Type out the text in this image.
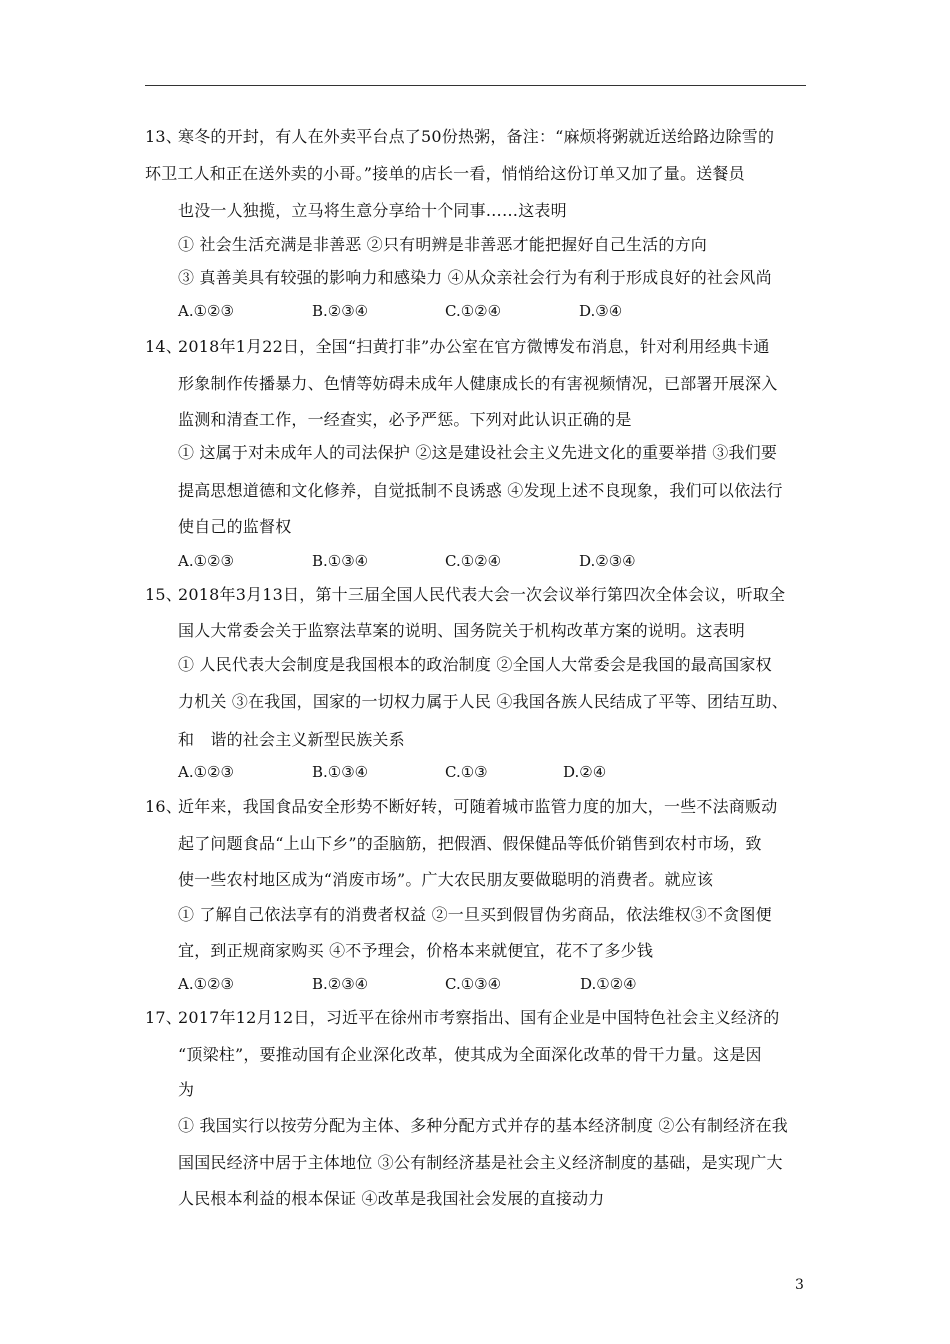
13、
寒冬的开封，有人在外卖平台点了50份热粥，备注：“麻烦将粥就近送给路边除雪的
环卫工人和正在送外卖的小哥。”接单的店长一看，悄悄给这份订单又加了量。送餐员
也没一人独揽，立马将生意分享给十个同事……这表明
① 社会生活充满是非善恶 ②只有明辨是非善恶才能把握好自己生活的方向
③ 真善美具有较强的影响力和感染力 ④从众亲社会行为有利于形成良好的社会风尚
A.①②③	B.②③④	C.①②④	D.③④
14、
2018年1月22日，全国“扫黄打非”办公室在官方微博发布消息，针对利用经典卡通
形象制作传播暴力、色情等妨碍未成年人健康成长的有害视频情况，已部署开展深入
监测和清查工作，一经查实，必予严惩。下列对此认识正确的是
① 这属于对未成年人的司法保护 ②这是建设社会主义先进文化的重要举措 ③我们要
提高思想道德和文化修养，自觉抵制不良诱惑 ④发现上述不良现象，我们可以依法行
使自己的监督权
A.①②③	B.①③④	C.①②④	D.②③④
15、
2018年3月13日，第十三届全国人民代表大会一次会议举行第四次全体会议，听取全
国人大常委会关于监察法草案的说明、国务院关于机构改革方案的说明。这表明
① 人民代表大会制度是我国根本的政治制度 ②全国人大常委会是我国的最高国家权
力机关 ③在我国，国家的一切权力属于人民 ④我国各族人民结成了平等、团结互助、
和　谐的社会主义新型民族关系
A.①②③	B.①③④	C.①③	D.②④
16、
近年来，我国食品安全形势不断好转，可随着城市监管力度的加大，一些不法商贩动
起了问题食品“上山下乡”的歪脑筋，把假酒、假保健品等低价销售到农村市场，致
使一些农村地区成为“消废市场”。广大农民朋友要做聪明的消费者。就应该
① 了解自己依法享有的消费者权益 ②一旦买到假冒伪劣商品，依法维权③不贪图便
宜，到正规商家购买 ④不予理会，价格本来就便宜，花不了多少钱
A.①②③	B.②③④	C.①③④	D.①②④
17、
2017年12月12日，习近平在徐州市考察指出、国有企业是中国特色社会主义经济的
“顶梁柱”，要推动国有企业深化改革，使其成为全面深化改革的骨干力量。这是因
为
① 我国实行以按劳分配为主体、多种分配方式并存的基本经济制度 ②公有制经济在我
国国民经济中居于主体地位 ③公有制经济基是社会主义经济制度的基础，是实现广大
人民根本利益的根本保证 ④改革是我国社会发展的直接动力
3
